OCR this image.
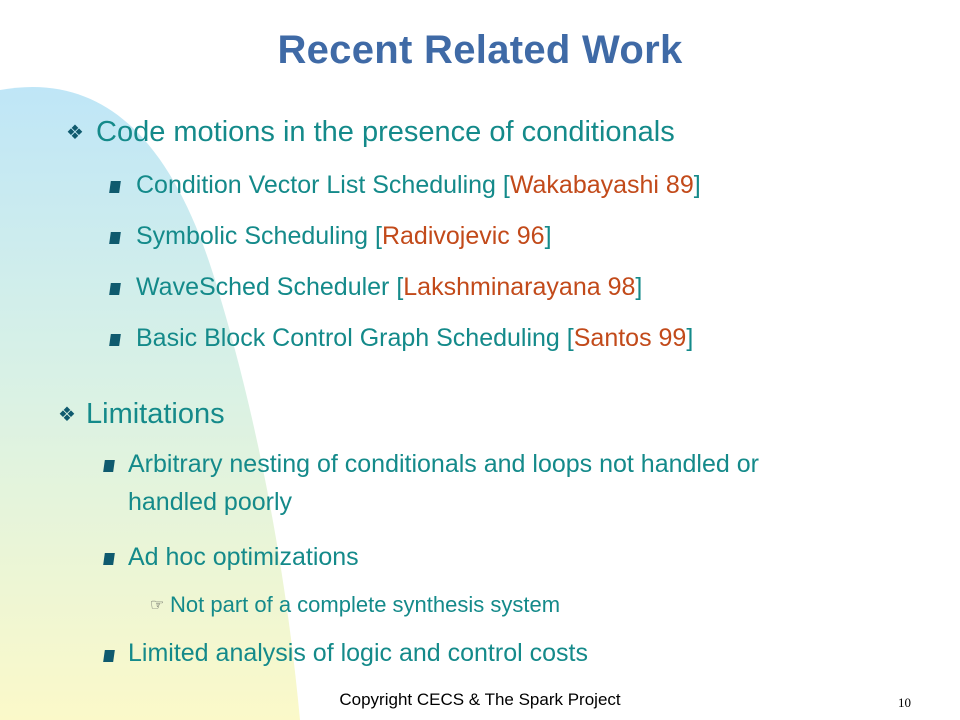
Recent Related Work
❖ Code motions in the presence of conditionals
Condition Vector List Scheduling [Wakabayashi 89]
Symbolic Scheduling [Radivojevic 96]
WaveSched Scheduler [Lakshminarayana 98]
Basic Block Control Graph Scheduling [Santos 99]
❖ Limitations
Arbitrary nesting of conditionals and loops not handled or handled poorly
Ad hoc optimizations
☞ Not part of a complete synthesis system
Limited analysis of logic and control costs
Copyright CECS & The Spark Project	10
